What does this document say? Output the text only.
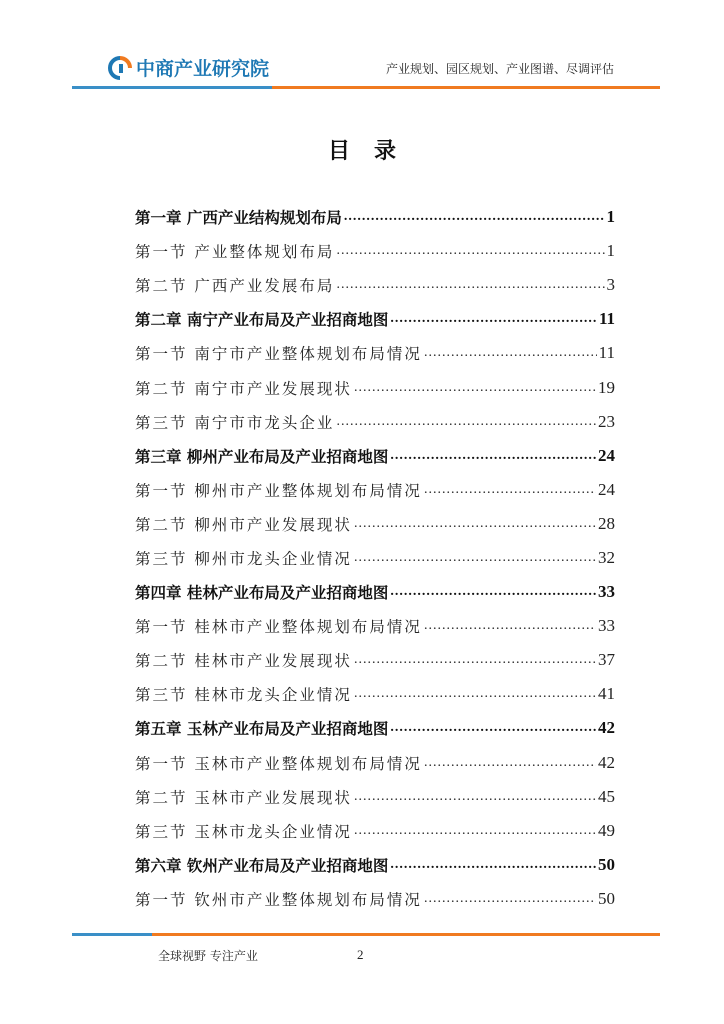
中商产业研究院	产业规划、园区规划、产业图谱、尽调评估
目录
第一章 广西产业结构规划布局 .....	1
第一节 产业整体规划布局 .....	1
第二节 广西产业发展布局 .....	3
第二章 南宁产业布局及产业招商地图 .....	11
第一节 南宁市产业整体规划布局情况 .....	11
第二节 南宁市产业发展现状 .....	19
第三节 南宁市市龙头企业 .....	23
第三章 柳州产业布局及产业招商地图 .....	24
第一节 柳州市产业整体规划布局情况 .....	24
第二节 柳州市产业发展现状 .....	28
第三节 柳州市龙头企业情况 .....	32
第四章 桂林产业布局及产业招商地图 .....	33
第一节 桂林市产业整体规划布局情况 .....	33
第二节 桂林市产业发展现状 .....	37
第三节 桂林市龙头企业情况 .....	41
第五章 玉林产业布局及产业招商地图 .....	42
第一节 玉林市产业整体规划布局情况 .....	42
第二节 玉林市产业发展现状 .....	45
第三节 玉林市龙头企业情况 .....	49
第六章 钦州产业布局及产业招商地图 .....	50
第一节 钦州市产业整体规划布局情况 .....	50
全球视野 专注产业	2
